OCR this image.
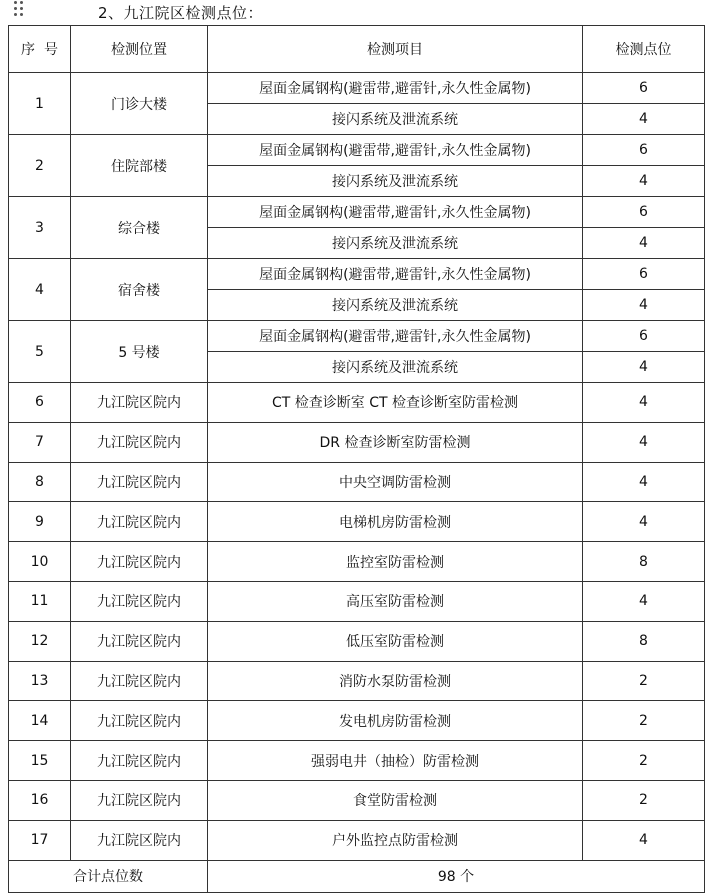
2、九江院区检测点位：
序  号	检测位置	检测项目	检测点位
1	门诊大楼	屋面金属钢构(避雷带,避雷针,永久性金属物)	6
		接闪系统及泄流系统	4
2	住院部楼	屋面金属钢构(避雷带,避雷针,永久性金属物)	6
		接闪系统及泄流系统	4
3	综合楼	屋面金属钢构(避雷带,避雷针,永久性金属物)	6
		接闪系统及泄流系统	4
4	宿舍楼	屋面金属钢构(避雷带,避雷针,永久性金属物)	6
		接闪系统及泄流系统	4
5	5 号楼	屋面金属钢构(避雷带,避雷针,永久性金属物)	6
		接闪系统及泄流系统	4
6	九江院区院内	CT 检查诊断室 CT 检查诊断室防雷检测	4
7	九江院区院内	DR 检查诊断室防雷检测	4
8	九江院区院内	中央空调防雷检测	4
9	九江院区院内	电梯机房防雷检测	4
10	九江院区院内	监控室防雷检测	8
11	九江院区院内	高压室防雷检测	4
12	九江院区院内	低压室防雷检测	8
13	九江院区院内	消防水泵防雷检测	2
14	九江院区院内	发电机房防雷检测	2
15	九江院区院内	强弱电井（抽检）防雷检测	2
16	九江院区院内	食堂防雷检测	2
17	九江院区院内	户外监控点防雷检测	4
合计点位数		98 个	
